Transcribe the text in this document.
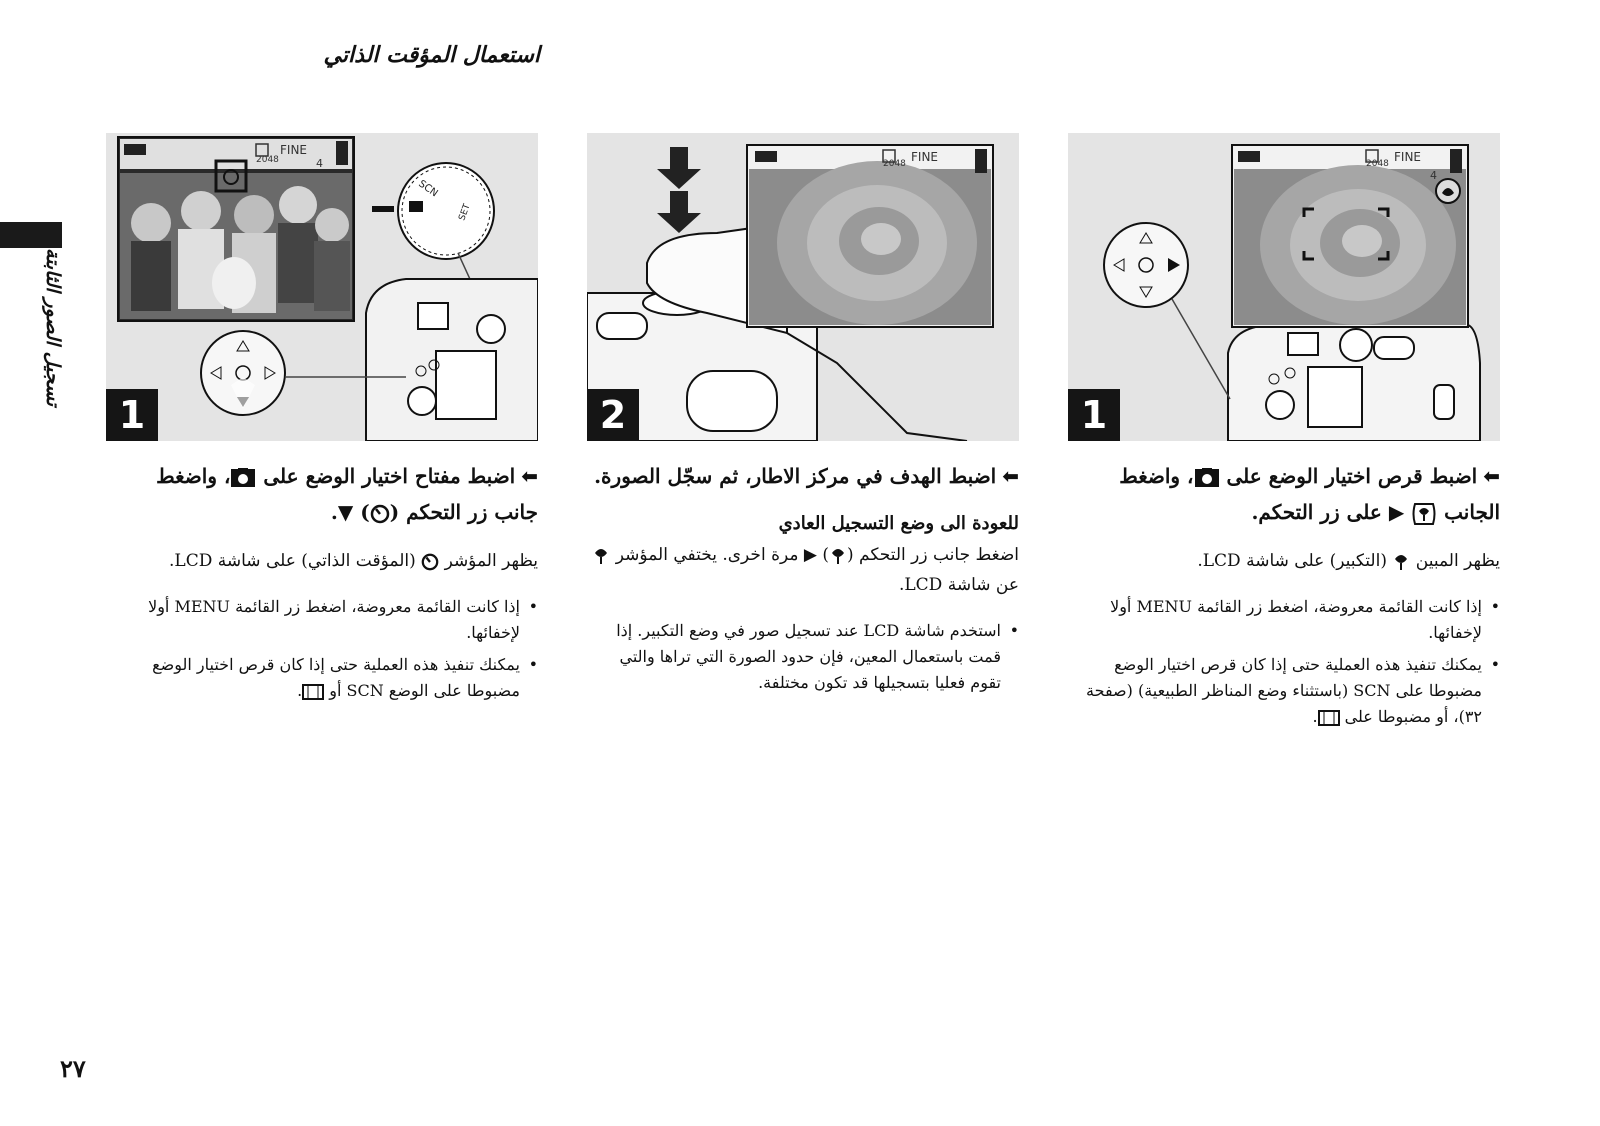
استعمال المؤقت الذاتي
تسجيل الصور الثابتة
٢٧
2048
FINE
4
SCN
SET
1
2048 FINE
2
2048 FINE
4
1

⬅اضبط قرص اختيار الوضع على ، واضغط الجانب  ▶ على زر التحكم.

يظهر المبين  (التكبير) على شاشة LCD.
• إذا كانت القائمة معروضة، اضغط زر القائمة MENU أولا لإخفائها.
• يمكنك تنفيذ هذه العملية حتى إذا كان قرص اختيار الوضع مضبوطا على SCN (باستثناء وضع المناظر الطبيعية) (صفحة ٣٢)، أو مضبوطا على .

⬅اضبط الهدف في مركز الاطار، ثم سجّل الصورة.

للعودة الى وضع التسجيل العادي
اضغط جانب زر التحكم () ▶ مرة اخرى. يختفي المؤشر  عن شاشة LCD.
• استخدم شاشة LCD عند تسجيل صور في وضع التكبير. إذا قمت باستعمال المعين، فإن حدود الصورة التي تراها والتي تقوم فعليا بتسجيلها قد تكون مختلفة.

⬅اضبط مفتاح اختيار الوضع على ، واضغط جانب زر التحكم () ▼.

يظهر المؤشر  (المؤقت الذاتي) على شاشة LCD.
• إذا كانت القائمة معروضة، اضغط زر القائمة MENU أولا لإخفائها.
• يمكنك تنفيذ هذه العملية حتى إذا كان قرص اختيار الوضع مضبوطا على الوضع SCN أو .
